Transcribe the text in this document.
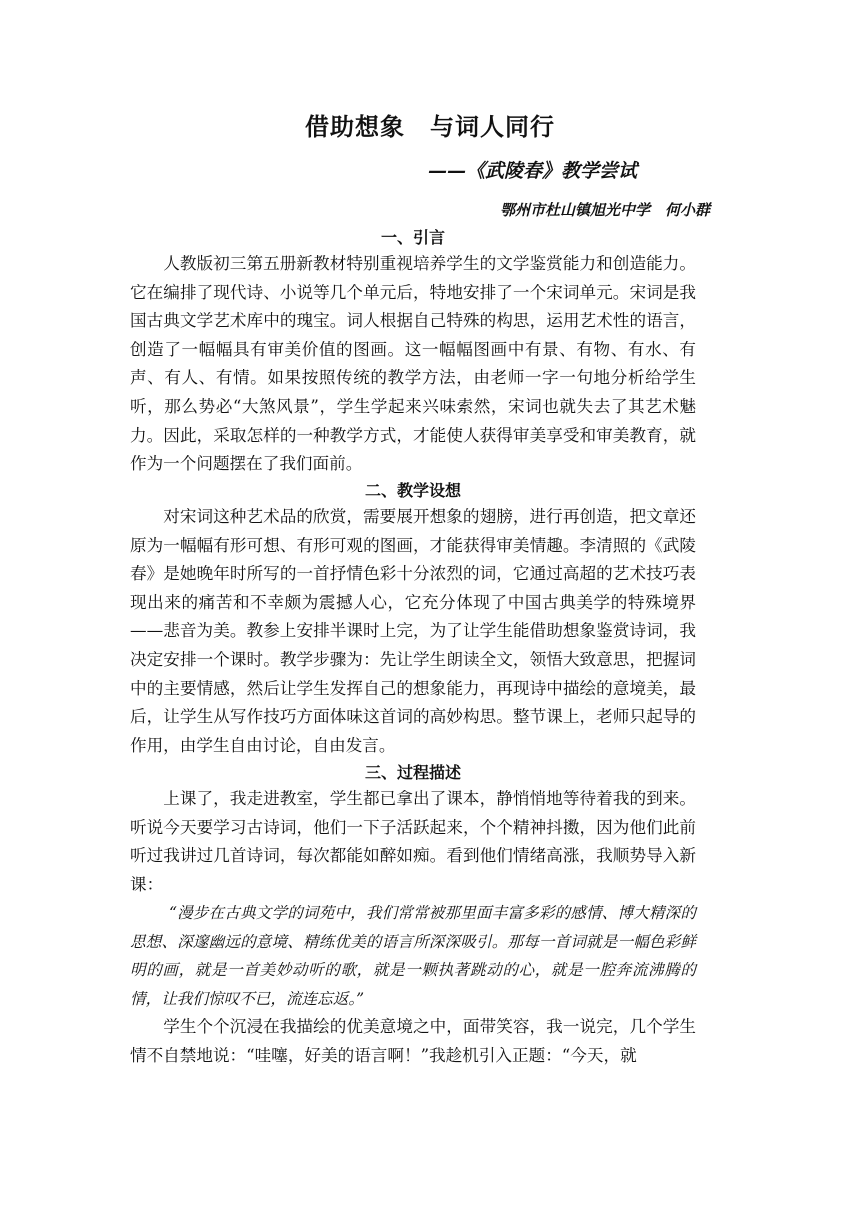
借助想象　与词人同行
——《武陵春》教学尝试
鄂州市杜山镇旭光中学　何小群
一、引言

人教版初三第五册新教材特别重视培养学生的文学鉴赏能力和创造能力。它在编排了现代诗、小说等几个单元后，特地安排了一个宋词单元。宋词是我国古典文学艺术库中的瑰宝。词人根据自己特殊的构思，运用艺术性的语言，创造了一幅幅具有审美价值的图画。这一幅幅图画中有景、有物、有水、有声、有人、有情。如果按照传统的教学方法，由老师一字一句地分析给学生听，那么势必“大煞风景”，学生学起来兴味索然，宋词也就失去了其艺术魅力。因此，采取怎样的一种教学方式，才能使人获得审美享受和审美教育，就作为一个问题摆在了我们面前。

二、教学设想

对宋词这种艺术品的欣赏，需要展开想象的翅膀，进行再创造，把文章还原为一幅幅有形可想、有形可观的图画，才能获得审美情趣。李清照的《武陵春》是她晚年时所写的一首抒情色彩十分浓烈的词，它通过高超的艺术技巧表现出来的痛苦和不幸颇为震撼人心，它充分体现了中国古典美学的特殊境界——悲音为美。教参上安排半课时上完，为了让学生能借助想象鉴赏诗词，我决定安排一个课时。教学步骤为：先让学生朗读全文，领悟大致意思，把握词中的主要情感，然后让学生发挥自己的想象能力，再现诗中描绘的意境美，最后，让学生从写作技巧方面体味这首词的高妙构思。整节课上，老师只起导的作用，由学生自由讨论，自由发言。

三、过程描述

上课了，我走进教室，学生都已拿出了课本，静悄悄地等待着我的到来。听说今天要学习古诗词，他们一下子活跃起来，个个精神抖擞，因为他们此前听过我讲过几首诗词，每次都能如醉如痴。看到他们情绪高涨，我顺势导入新课：

“漫步在古典文学的词苑中，我们常常被那里面丰富多彩的感情、博大精深的思想、深邃幽远的意境、精练优美的语言所深深吸引。那每一首词就是一幅色彩鲜明的画，就是一首美妙动听的歌，就是一颗执著跳动的心，就是一腔奔流沸腾的情，让我们惊叹不已，流连忘返。”

学生个个沉浸在我描绘的优美意境之中，面带笑容，我一说完，几个学生情不自禁地说：“哇噻，好美的语言啊！”我趁机引入正题：“今天，就
